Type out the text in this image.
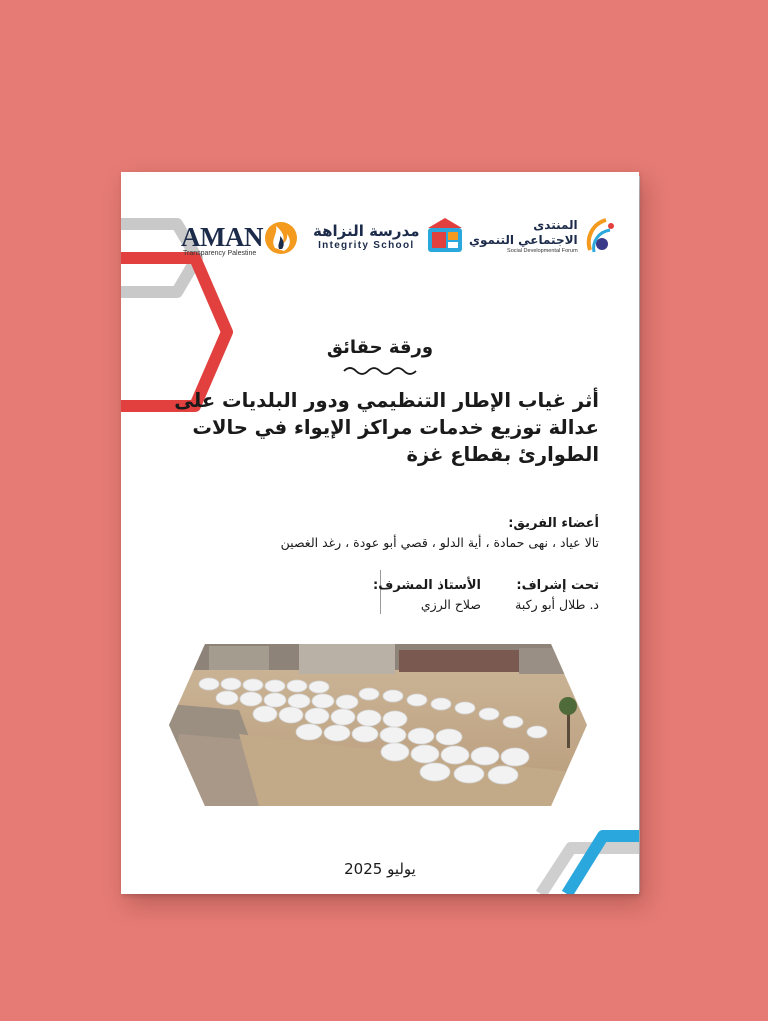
AMAN
Transparency Palestine
مدرسة النزاهة
Integrity School
المنتدى
الاجتماعي التنموي
Social Developmental Forum
ورقة حقائق
أثر غياب الإطار التنظيمي ودور البلديات على
عدالة توزيع خدمات مراكز الإيواء في حالات
الطوارئ بقطاع غزة
أعضاء الفريق:
تالا عياد ، نهى حمادة ، أية الدلو ، قصي أبو عودة ، رغد الغصين
تحت إشراف:
د. طلال أبو ركبة
الأستاذ المشرف:
صلاح الرزي
يوليو 2025
